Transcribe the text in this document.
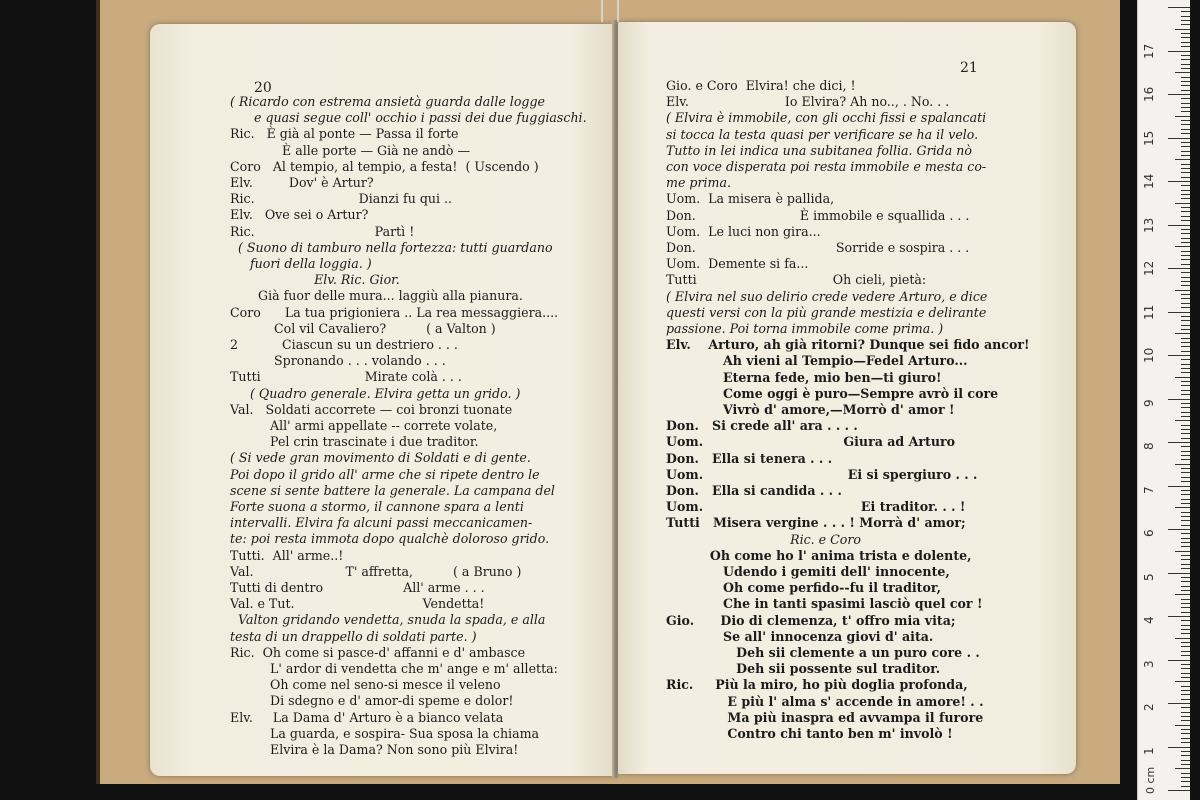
20
( Ricardo con estrema ansietà guarda dalle logge
e quasi segue coll' occhio i passi dei due fuggiaschi.
Ric.   È già al ponte — Passa il forte
È alle porte — Già ne andò —
Coro   Al tempio, al tempio, a festa!  ( Uscendo )
Elv.         Dov' è Artur?
Ric.                          Dianzi fu qui ..
Elv.   Ove sei o Artur?
Ric.                              Partì !
( Suono di tamburo nella fortezza: tutti guardano
fuori della loggia. )
Elv. Ric. Gior.
Già fuor delle mura... laggiù alla pianura.
Coro      La tua prigioniera .. La rea messaggiera....
Col vil Cavaliero?          ( a Valton )
2           Ciascun su un destriero . . .
Spronando . . . volando . . .
Tutti                          Mirate colà . . .
( Quadro generale. Elvira getta un grido. )
Val.   Soldati accorrete — coi bronzi tuonate
All' armi appellate -- correte volate,
Pel crin trascinate i due traditor.
( Si vede gran movimento di Soldati e di gente.
Poi dopo il grido all' arme che si ripete dentro le
scene si sente battere la generale. La campana del
Forte suona a stormo, il cannone spara a lenti
intervalli. Elvira fa alcuni passi meccanicamen-
te: poi resta immota dopo qualchè doloroso grido.
Tutti.  All' arme..!
Val.                       T' affretta,          ( a Bruno )
Tutti di dentro                    All' arme . . .
Val. e Tut.                                Vendetta!
Valton gridando vendetta, snuda la spada, e alla
testa di un drappello di soldati parte. )
Ric.  Oh come si pasce-d' affanni e d' ambasce
L' ardor di vendetta che m' ange e m' alletta:
Oh come nel seno-si mesce il veleno
Di sdegno e d' amor-di speme e dolor!
Elv.     La Dama d' Arturo è a bianco velata
La guarda, e sospira- Sua sposa la chiama
Elvira è la Dama? Non sono più Elvira!
21
Gio. e Coro  Elvira! che dici, !
Elv.                        Io Elvira? Ah no.., . No. . .
( Elvira è immobile, con gli occhi fissi e spalancati
si tocca la testa quasi per verificare se ha il velo.
Tutto in lei indica una subitanea follia. Grida nò
con voce disperata poi resta immobile e mesta co-
me prima.
Uom.  La misera è pallida,
Don.                          È immobile e squallida . . .
Uom.  Le luci non gira...
Don.                                   Sorride e sospira . . .
Uom.  Demente si fa...
Tutti                                  Oh cieli, pietà:
( Elvira nel suo delirio crede vedere Arturo, e dice
questi versi con la più grande mestizia e delirante
passione. Poi torna immobile come prima. )
Elv.    Arturo, ah già ritorni? Dunque sei fido ancor!
Ah vieni al Tempio—Fedel Arturo...
Eterna fede, mio ben—ti giuro!
Come oggi è puro—Sempre avrò il core
Vivrò d' amore,—Morrò d' amor !
Don.   Si crede all' ara . . . .
Uom.                                Giura ad Arturo
Don.   Ella si tenera . . .
Uom.                                 Ei si spergiuro . . .
Don.   Ella si candida . . .
Uom.                                    Ei traditor. . . !
Tutti   Misera vergine . . . ! Morrà d' amor;
Ric. e Coro
Oh come ho l' anima trista e dolente,
Udendo i gemiti dell' innocente,
Oh come perfido--fu il traditor,
Che in tanti spasimi lasciò quel cor !
Gio.      Dio di clemenza, t' offro mia vita;
Se all' innocenza giovi d' aita.
Deh sii clemente a un puro core . .
Deh sii possente sul traditor.
Ric.     Più la miro, ho più doglia profonda,
E più l' alma s' accende in amore! . .
Ma più inaspra ed avvampa il furore
Contro chi tanto ben m' involò !
0 cm
1
2
3
4
5
6
7
8
9
10
11
12
13
14
15
16
17
